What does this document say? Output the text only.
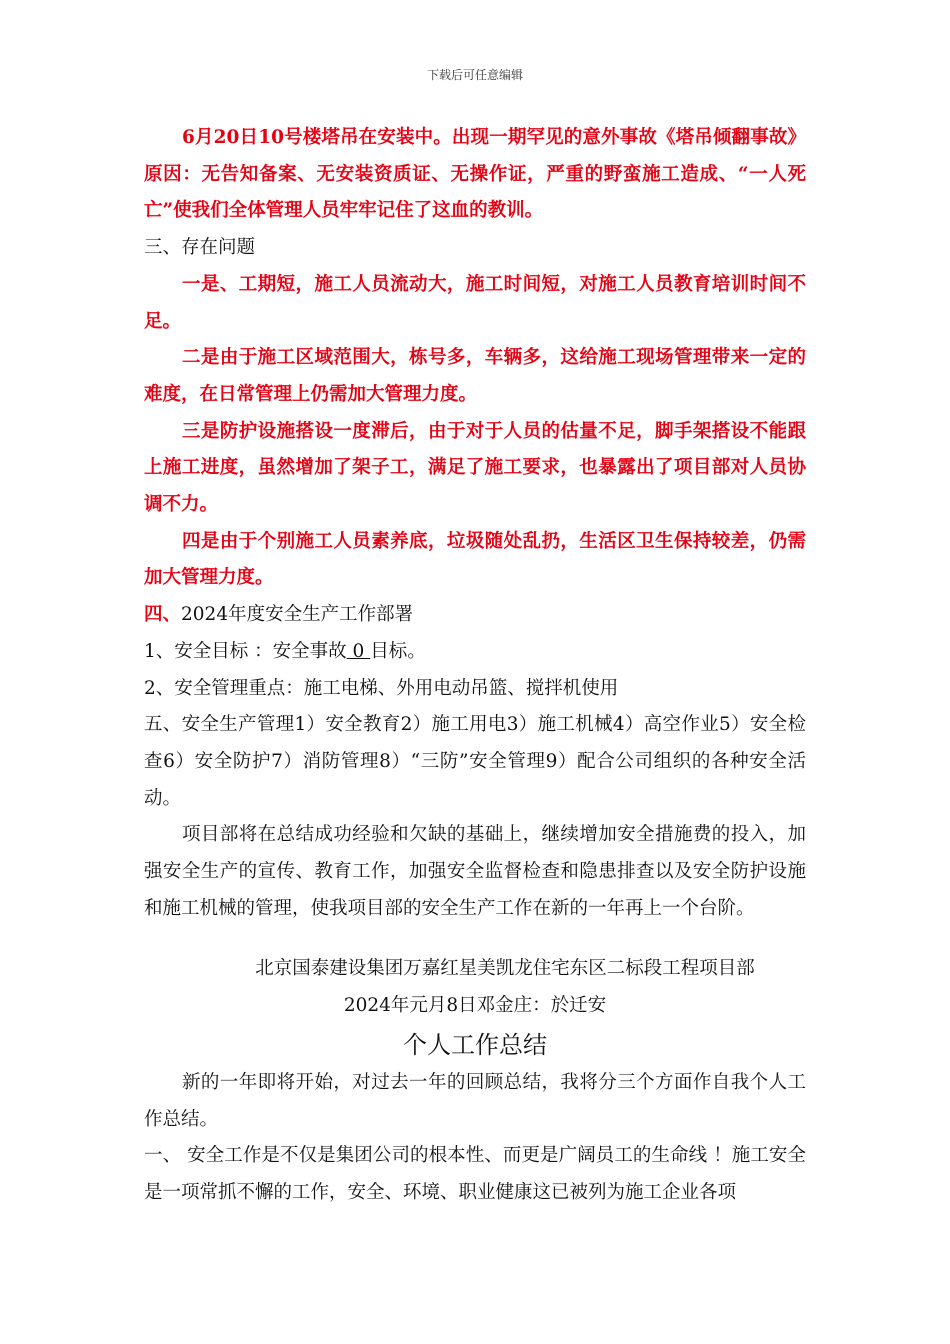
下载后可任意编辑

6月20日10号楼塔吊在安装中。出现一期罕见的意外事故《塔吊倾翻事故》原因：无告知备案、无安装资质证、无操作证，严重的野蛮施工造成、“一人死亡”使我们全体管理人员牢牢记住了这血的教训。

三、存在问题

一是、工期短，施工人员流动大，施工时间短，对施工人员教育培训时间不足。

二是由于施工区域范围大，栋号多，车辆多，这给施工现场管理带来一定的难度，在日常管理上仍需加大管理力度。

三是防护设施搭设一度滞后，由于对于人员的估量不足，脚手架搭设不能跟上施工进度，虽然增加了架子工，满足了施工要求，也暴露出了项目部对人员协调不力。

四是由于个别施工人员素养底，垃圾随处乱扔，生活区卫生保持较差，仍需加大管理力度。

四、2024年度安全生产工作部署

1、安全目标 ：安全事故 0 目标。

2、安全管理重点：施工电梯、外用电动吊篮、搅拌机使用

五、安全生产管理1）安全教育2）施工用电3）施工机械4）高空作业5）安全检查6）安全防护7）消防管理8）“三防”安全管理9）配合公司组织的各种安全活动。

项目部将在总结成功经验和欠缺的基础上，继续增加安全措施费的投入，加强安全生产的宣传、教育工作，加强安全监督检查和隐患排查以及安全防护设施和施工机械的管理，使我项目部的安全生产工作在新的一年再上一个台阶。

北京国泰建设集团万嘉红星美凯龙住宅东区二标段工程项目部

2024年元月8日邓金庄：於迁安

个人工作总结

新的一年即将开始，对过去一年的回顾总结，我将分三个方面作自我个人工作总结。

一、 安全工作是不仅是集团公司的根本性、而更是广阔员工的生命线 ！施工安全是一项常抓不懈的工作，安全、环境、职业健康这已被列为施工企业各项
